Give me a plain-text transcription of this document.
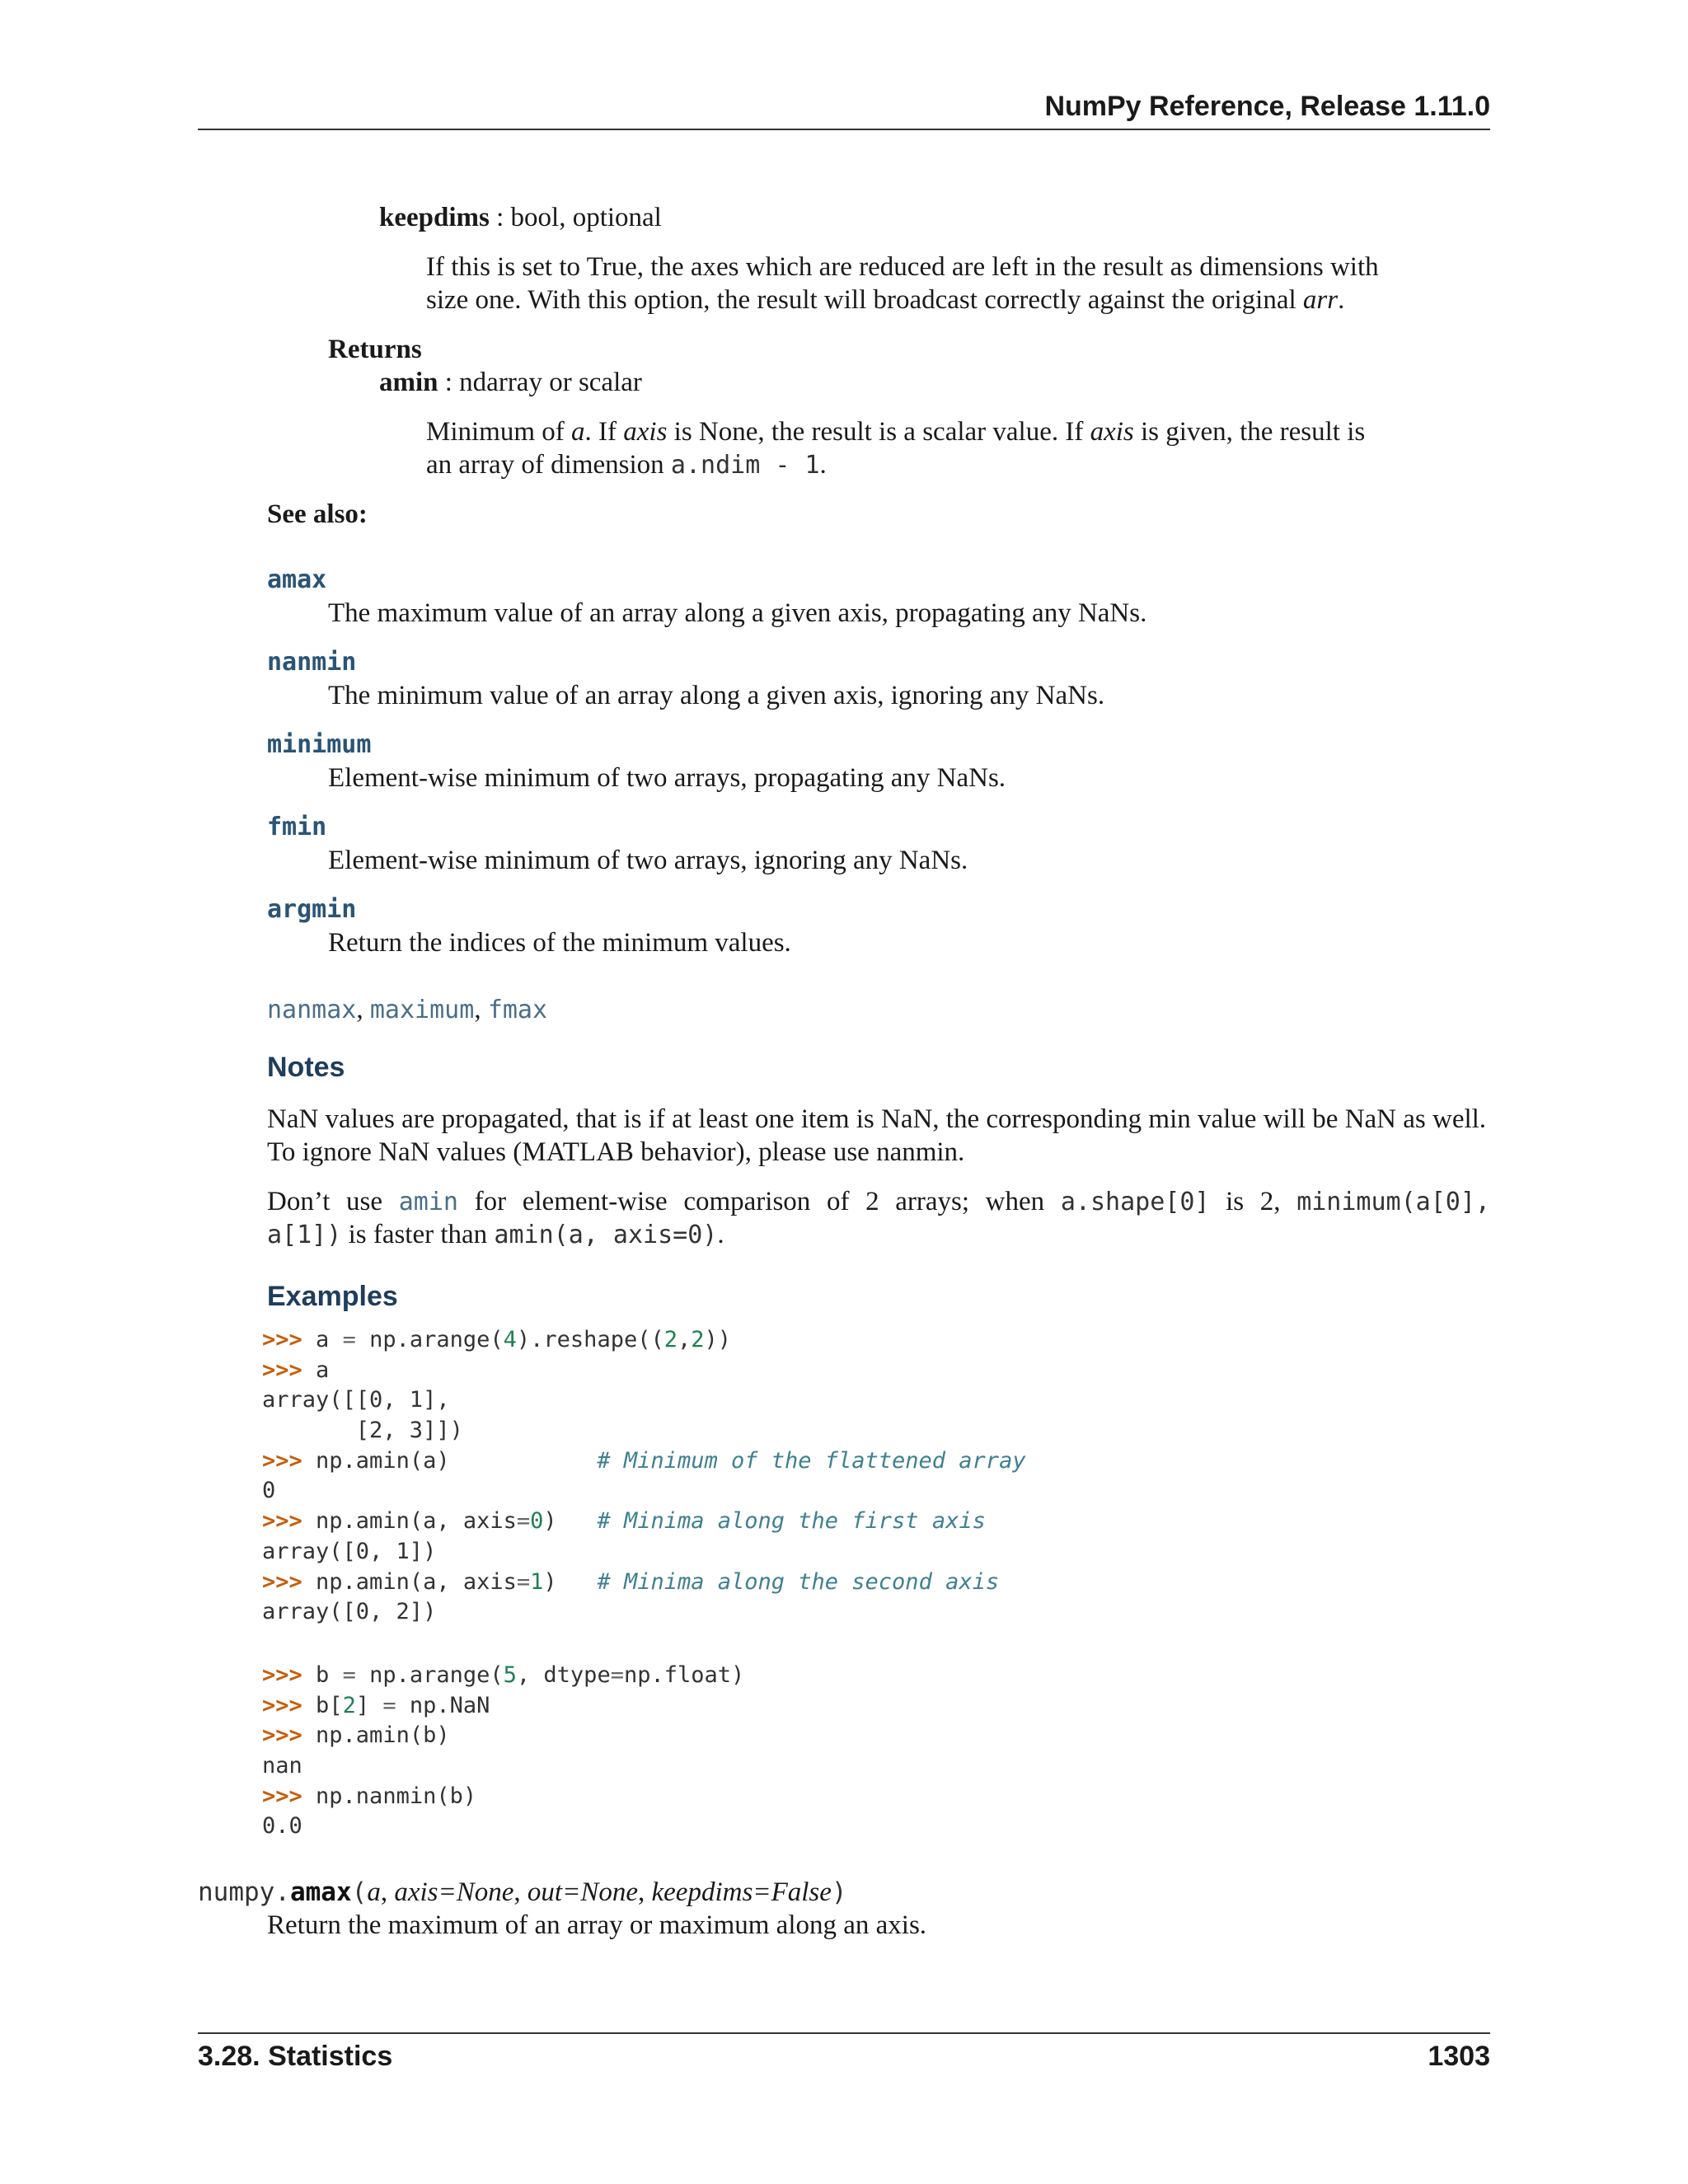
NumPy Reference, Release 1.11.0
keepdims : bool, optional
If this is set to True, the axes which are reduced are left in the result as dimensions with
size one. With this option, the result will broadcast correctly against the original arr.
Returns
amin : ndarray or scalar
Minimum of a. If axis is None, the result is a scalar value. If axis is given, the result is
an array of dimension a.ndim - 1.
See also:
amax
The maximum value of an array along a given axis, propagating any NaNs.
nanmin
The minimum value of an array along a given axis, ignoring any NaNs.
minimum
Element-wise minimum of two arrays, propagating any NaNs.
fmin
Element-wise minimum of two arrays, ignoring any NaNs.
argmin
Return the indices of the minimum values.
nanmax, maximum, fmax
Notes
NaN values are propagated, that is if at least one item is NaN, the corresponding min value will be NaN as well.
To ignore NaN values (MATLAB behavior), please use nanmin.
Don’t use amin for element-wise comparison of 2 arrays; when a.shape[0] is 2, minimum(a[0],
a[1]) is faster than amin(a, axis=0).
Examples
>>> a = np.arange(4).reshape((2,2))
>>> a
array([[0, 1],
[2, 3]])
>>> np.amin(a)           # Minimum of the flattened array
0
>>> np.amin(a, axis=0)   # Minima along the first axis
array([0, 1])
>>> np.amin(a, axis=1)   # Minima along the second axis
array([0, 2])
>>> b = np.arange(5, dtype=np.float)
>>> b[2] = np.NaN
>>> np.amin(b)
nan
>>> np.nanmin(b)
0.0
numpy.amax(a, axis=None, out=None, keepdims=False)
Return the maximum of an array or maximum along an axis.
3.28. Statistics	1303
